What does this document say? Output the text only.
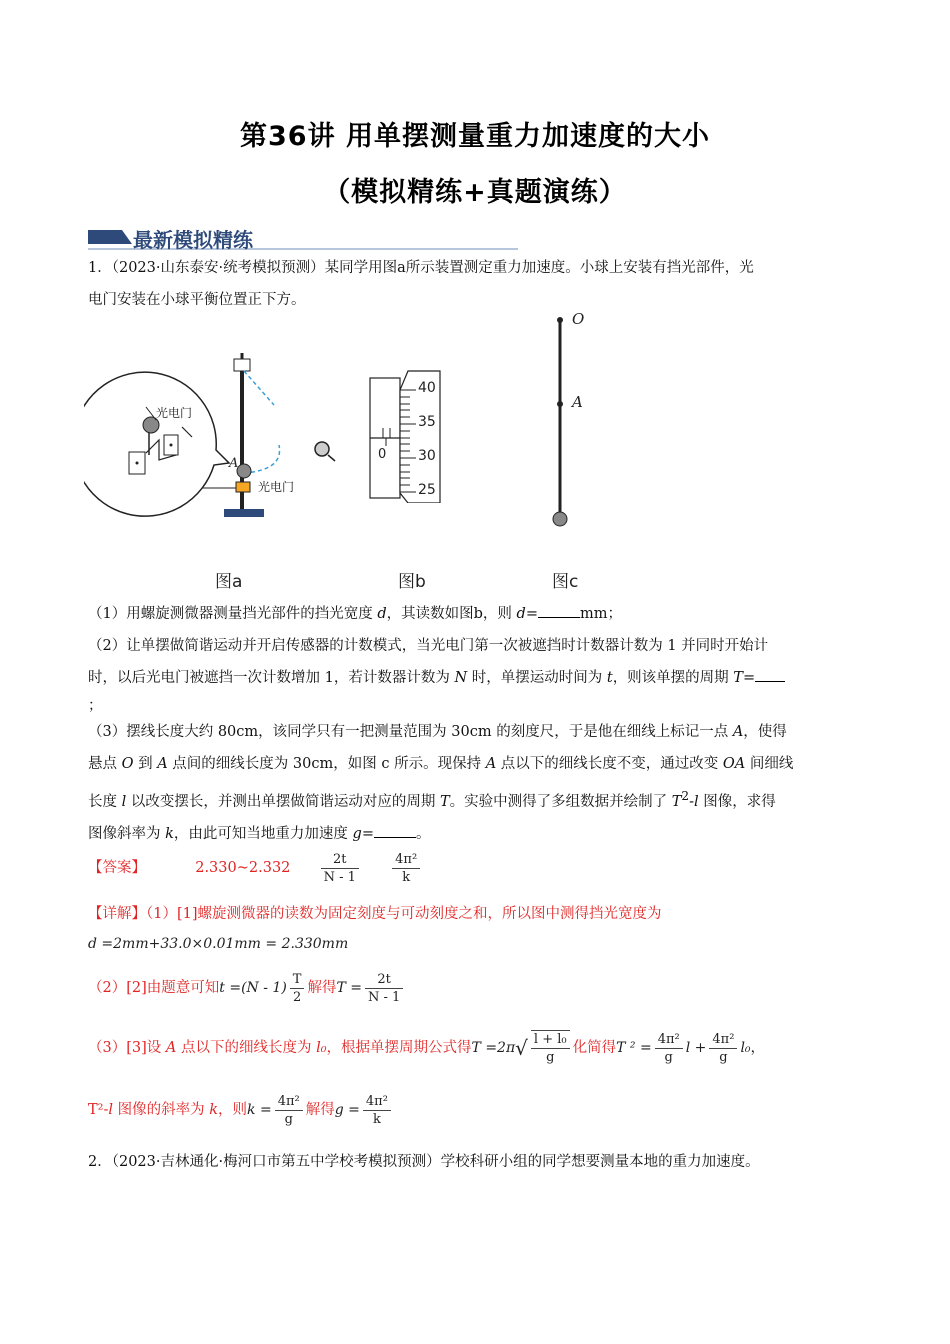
第36讲 用单摆测量重力加速度的大小
（模拟精练+真题演练）
最新模拟精练
1．（2023·山东泰安·统考模拟预测）某同学用图a所示装置测定重力加速度。小球上安装有挡光部件，光
电门安装在小球平衡位置正下方。
光电门
A
光电门
40
35
30
25
0
O
A
图a	图b	图c
（1）用螺旋测微器测量挡光部件的挡光宽度 d，其读数如图b，则 d=	mm；
（2）让单摆做简谐运动并开启传感器的计数模式，当光电门第一次被遮挡时计数器计数为 1 并同时开始计
时，以后光电门被遮挡一次计数增加 1，若计数器计数为 N 时，单摆运动时间为 t，则该单摆的周期 T=
；
（3）摆线长度大约 80cm，该同学只有一把测量范围为 30cm 的刻度尺，于是他在细线上标记一点 A，使得
悬点 O 到 A 点间的细线长度为 30cm，如图 c 所示。现保持 A 点以下的细线长度不变，通过改变 OA 间细线
长度 l 以改变摆长，并测出单摆做简谐运动对应的周期 T。实验中测得了多组数据并绘制了 $T^2-l$ 图像，求得
图像斜率为 k，由此可知当地重力加速度 g=	。
【答案】	2.330~2.332 $\frac{2t}{N - 1}$
	$\frac{\text{4π²}}{k}$
【详解】（1）[1]螺旋测微器的读数为固定刻度与可动刻度之和，所以图中测得挡光宽度为
d =2mm+33.0×0.01mm = 2.330mm
（2）[2]由题意可知$t =(N - 1) \frac{T}{2}$ 解得$T = \frac{2t}{N - 1}$
（3）[3]设 A 点以下的细线长度为 l₀，根据单摆周期公式得$T =2\pi√ \frac{\text{l + l₀}}{g}$ 化简得T $^2 = \frac{\text{4π²}}{g}$ $l + \frac{\text{4π²}}{g} l_0$，
T²-l 图像的斜率为 k，则$k = \frac{\text{4π²}}{g}$ 解得$g = \frac{\text{4π²}}{k}$
2．（2023·吉林通化·梅河口市第五中学校考模拟预测）学校科研小组的同学想要测量本地的重力加速度。
